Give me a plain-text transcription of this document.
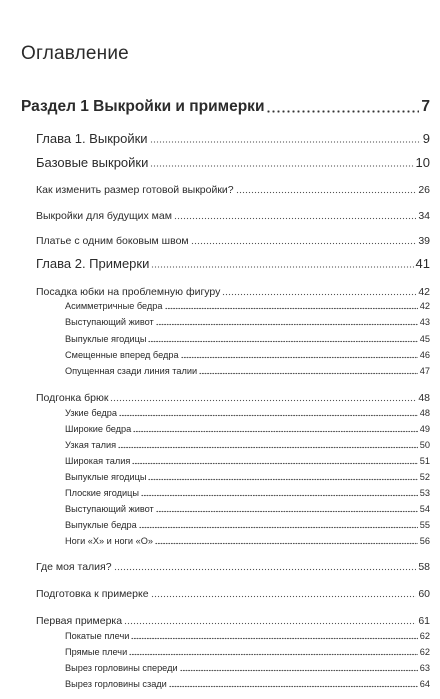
Оглавление
Раздел 1 Выкройки и примерки	7
Глава 1. Выкройки	9
Базовые выкройки	10
Как изменить размер готовой выкройки?	26
Выкройки для будущих мам	34
Платье с одним боковым швом	39
Глава 2. Примерки	41
Посадка юбки на проблемную фигуру	42
Асимметричные бедра	42
Выступающий живот	43
Выпуклые ягодицы	45
Смещенные вперед бедра	46
Опущенная сзади линия талии	47
Подгонка брюк	48
Узкие бедра	48
Широкие бедра	49
Узкая талия	50
Широкая талия	51
Выпуклые ягодицы	52
Плоские ягодицы	53
Выступающий живот	54
Выпуклые бедра	55
Ноги «Х» и ноги «О»	56
Где моя талия?	58
Подготовка к примерке	60
Первая примерка	61
Покатые плечи	62
Прямые плечи	62
Вырез горловины спереди	63
Вырез горловины сзади	64
